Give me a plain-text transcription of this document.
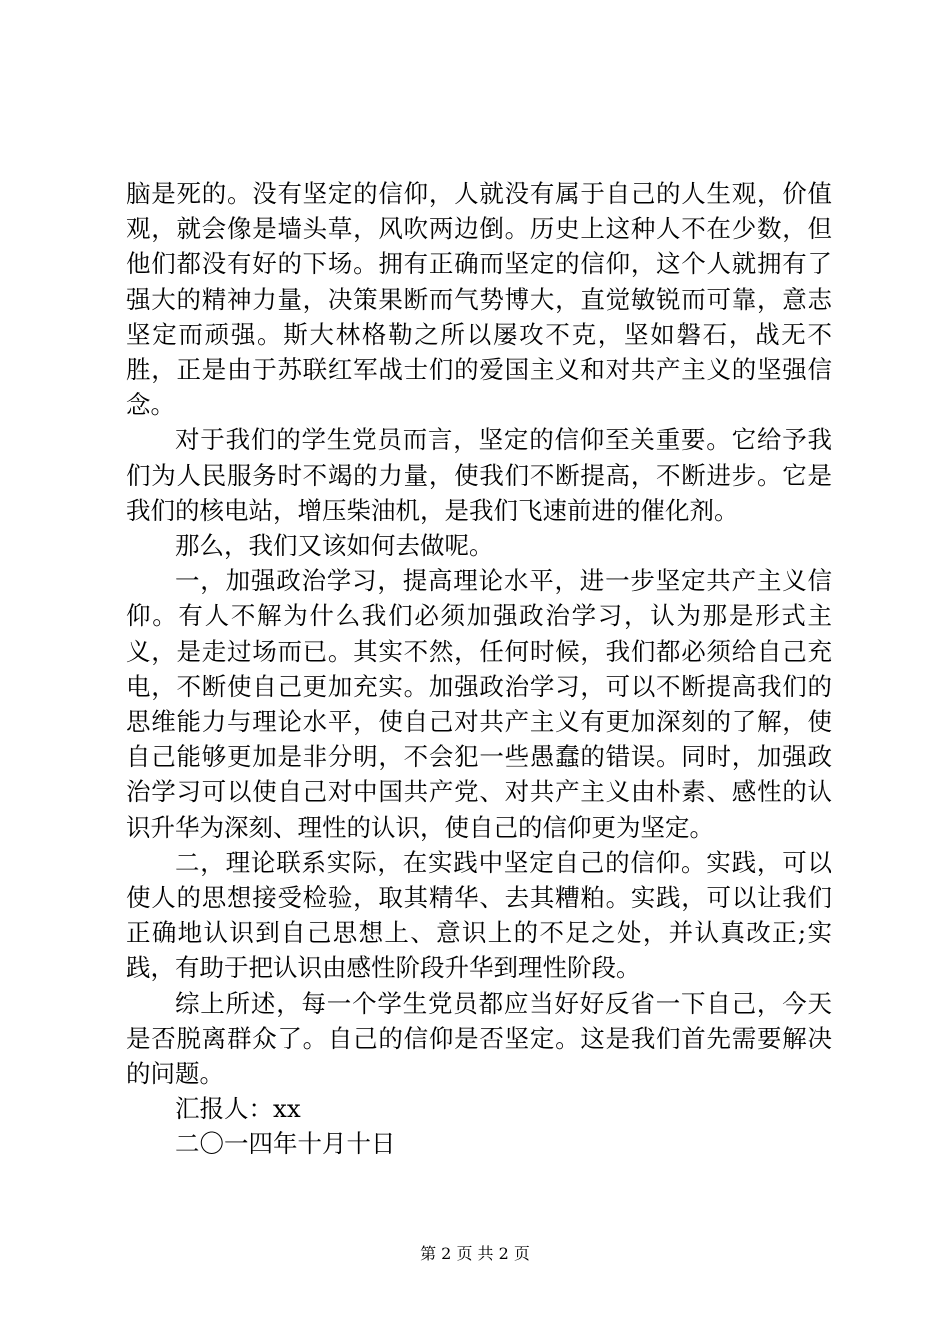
脑是死的。没有坚定的信仰，人就没有属于自己的人生观，价值观，就会像是墙头草，风吹两边倒。历史上这种人不在少数，但他们都没有好的下场。拥有正确而坚定的信仰，这个人就拥有了强大的精神力量，决策果断而气势博大，直觉敏锐而可靠，意志坚定而顽强。斯大林格勒之所以屡攻不克，坚如磐石，战无不胜，正是由于苏联红军战士们的爱国主义和对共产主义的坚强信念。

对于我们的学生党员而言，坚定的信仰至关重要。它给予我们为人民服务时不竭的力量，使我们不断提高，不断进步。它是我们的核电站，增压柴油机，是我们飞速前进的催化剂。

那么，我们又该如何去做呢。

一，加强政治学习，提高理论水平，进一步坚定共产主义信仰。有人不解为什么我们必须加强政治学习，认为那是形式主义，是走过场而已。其实不然，任何时候，我们都必须给自己充电，不断使自己更加充实。加强政治学习，可以不断提高我们的思维能力与理论水平，使自己对共产主义有更加深刻的了解，使自己能够更加是非分明，不会犯一些愚蠢的错误。同时，加强政治学习可以使自己对中国共产党、对共产主义由朴素、感性的认识升华为深刻、理性的认识，使自己的信仰更为坚定。

二，理论联系实际，在实践中坚定自己的信仰。实践，可以使人的思想接受检验，取其精华、去其糟粕。实践，可以让我们正确地认识到自己思想上、意识上的不足之处，并认真改正;实践，有助于把认识由感性阶段升华到理性阶段。

综上所述，每一个学生党员都应当好好反省一下自己，今天是否脱离群众了。自己的信仰是否坚定。这是我们首先需要解决的问题。

汇报人：xx

二〇一四年十月十日

第 2 页 共 2 页
